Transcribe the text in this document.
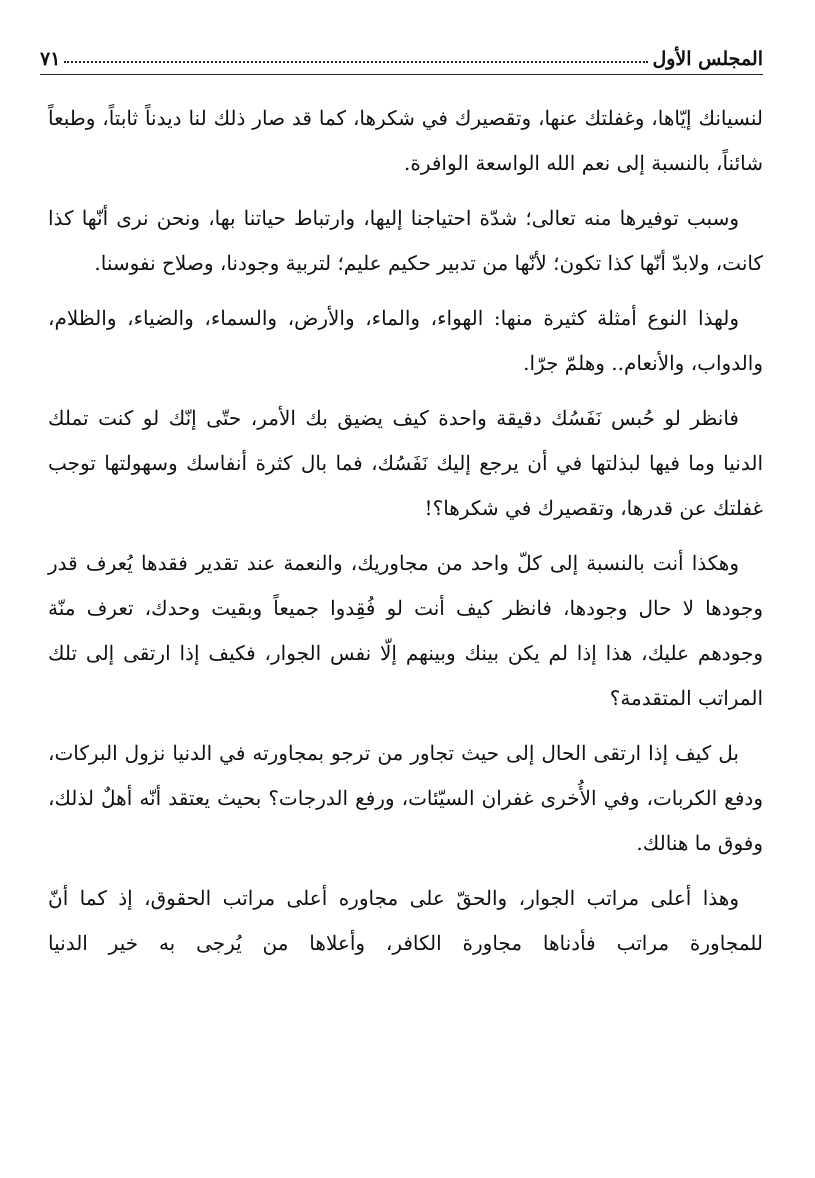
المجلس الأول
٧١

لنسيانك إيّاها، وغفلتك عنها، وتقصيرك في شكرها، كما قد صار ذلك لنا ديدناً ثابتاً، وطبعاً شائناً، بالنسبة إلى نعم الله الواسعة الوافرة.

وسبب توفيرها منه تعالى؛ شدّة احتياجنا إليها، وارتباط حياتنا بها، ونحن نرى أنّها كذا كانت، ولابدّ أنّها كذا تكون؛ لأنّها من تدبير حكيم عليم؛ لتربية وجودنا، وصلاح نفوسنا.

ولهذا النوع أمثلة كثيرة منها: الهواء، والماء، والأرض، والسماء، والضياء، والظلام، والدواب، والأنعام.. وهلمّ جرّا.

فانظر لو حُبس نَفَسُك دقيقة واحدة كيف يضيق بك الأمر، حتّى إنّك لو كنت تملك الدنيا وما فيها لبذلتها في أن يرجع إليك نَفَسُك، فما بال كثرة أنفاسك وسهولتها توجب غفلتك عن قدرها، وتقصيرك في شكرها؟!

وهكذا أنت بالنسبة إلى كلّ واحد من مجاوريك، والنعمة عند تقدير فقدها يُعرف قدر وجودها لا حال وجودها، فانظر كيف أنت لو فُقِدوا جميعاً وبقيت وحدك، تعرف منّة وجودهم عليك، هذا إذا لم يكن بينك وبينهم إلّا نفس الجوار، فكيف إذا ارتقى إلى تلك المراتب المتقدمة؟

بل كيف إذا ارتقى الحال إلى حيث تجاور من ترجو بمجاورته في الدنيا نزول البركات، ودفع الكربات، وفي الأُخرى غفران السيّئات، ورفع الدرجات؟ بحيث يعتقد أنّه أهلٌ لذلك، وفوق ما هنالك.

وهذا أعلى مراتب الجوار، والحقّ على مجاوره أعلى مراتب الحقوق، إذ كما أنّ للمجاورة مراتب فأدناها مجاورة الكافر، وأعلاها من يُرجى به خير الدنيا
